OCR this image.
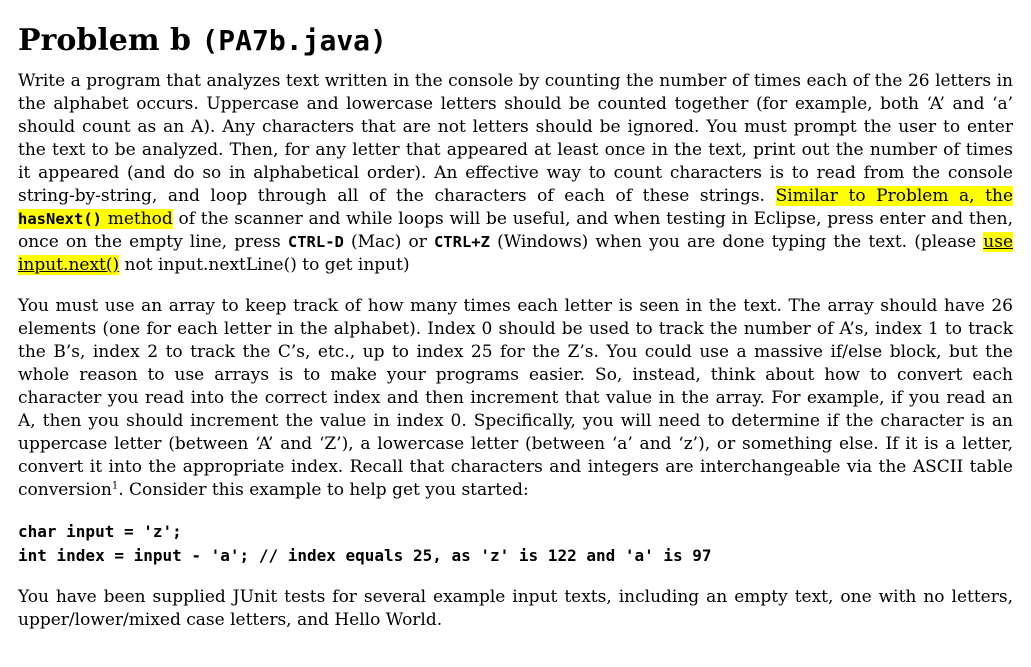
Problem b (PA7b.java)

Write a program that analyzes text written in the console by counting the number of times each of the 26 letters in the alphabet occurs. Uppercase and lowercase letters should be counted together (for example, both ‘A’ and ‘a’ should count as an A). Any characters that are not letters should be ignored. You must prompt the user to enter the text to be analyzed. Then, for any letter that appeared at least once in the text, print out the number of times it appeared (and do so in alphabetical order). An effective way to count characters is to read from the console string-by-string, and loop through all of the characters of each of these strings. Similar to Problem a, the hasNext() method of the scanner and while loops will be useful, and when testing in Eclipse, press enter and then, once on the empty line, press CTRL-D (Mac) or CTRL+Z (Windows) when you are done typing the text. (please use input.next() not input.nextLine() to get input)

You must use an array to keep track of how many times each letter is seen in the text. The array should have 26 elements (one for each letter in the alphabet). Index 0 should be used to track the number of A’s, index 1 to track the B’s, index 2 to track the C’s, etc., up to index 25 for the Z’s. You could use a massive if/else block, but the whole reason to use arrays is to make your programs easier. So, instead, think about how to convert each character you read into the correct index and then increment that value in the array. For example, if you read an A, then you should increment the value in index 0. Specifically, you will need to determine if the character is an uppercase letter (between ‘A’ and ‘Z’), a lowercase letter (between ‘a’ and ‘z’), or something else. If it is a letter, convert it into the appropriate index. Recall that characters and integers are interchangeable via the ASCII table conversion$^1$. Consider this example to help get you started:

char input = 'z';
int index = input - 'a'; // index equals 25, as 'z' is 122 and 'a' is 97

You have been supplied JUnit tests for several example input texts, including an empty text, one with no letters, upper/lower/mixed case letters, and Hello World.
